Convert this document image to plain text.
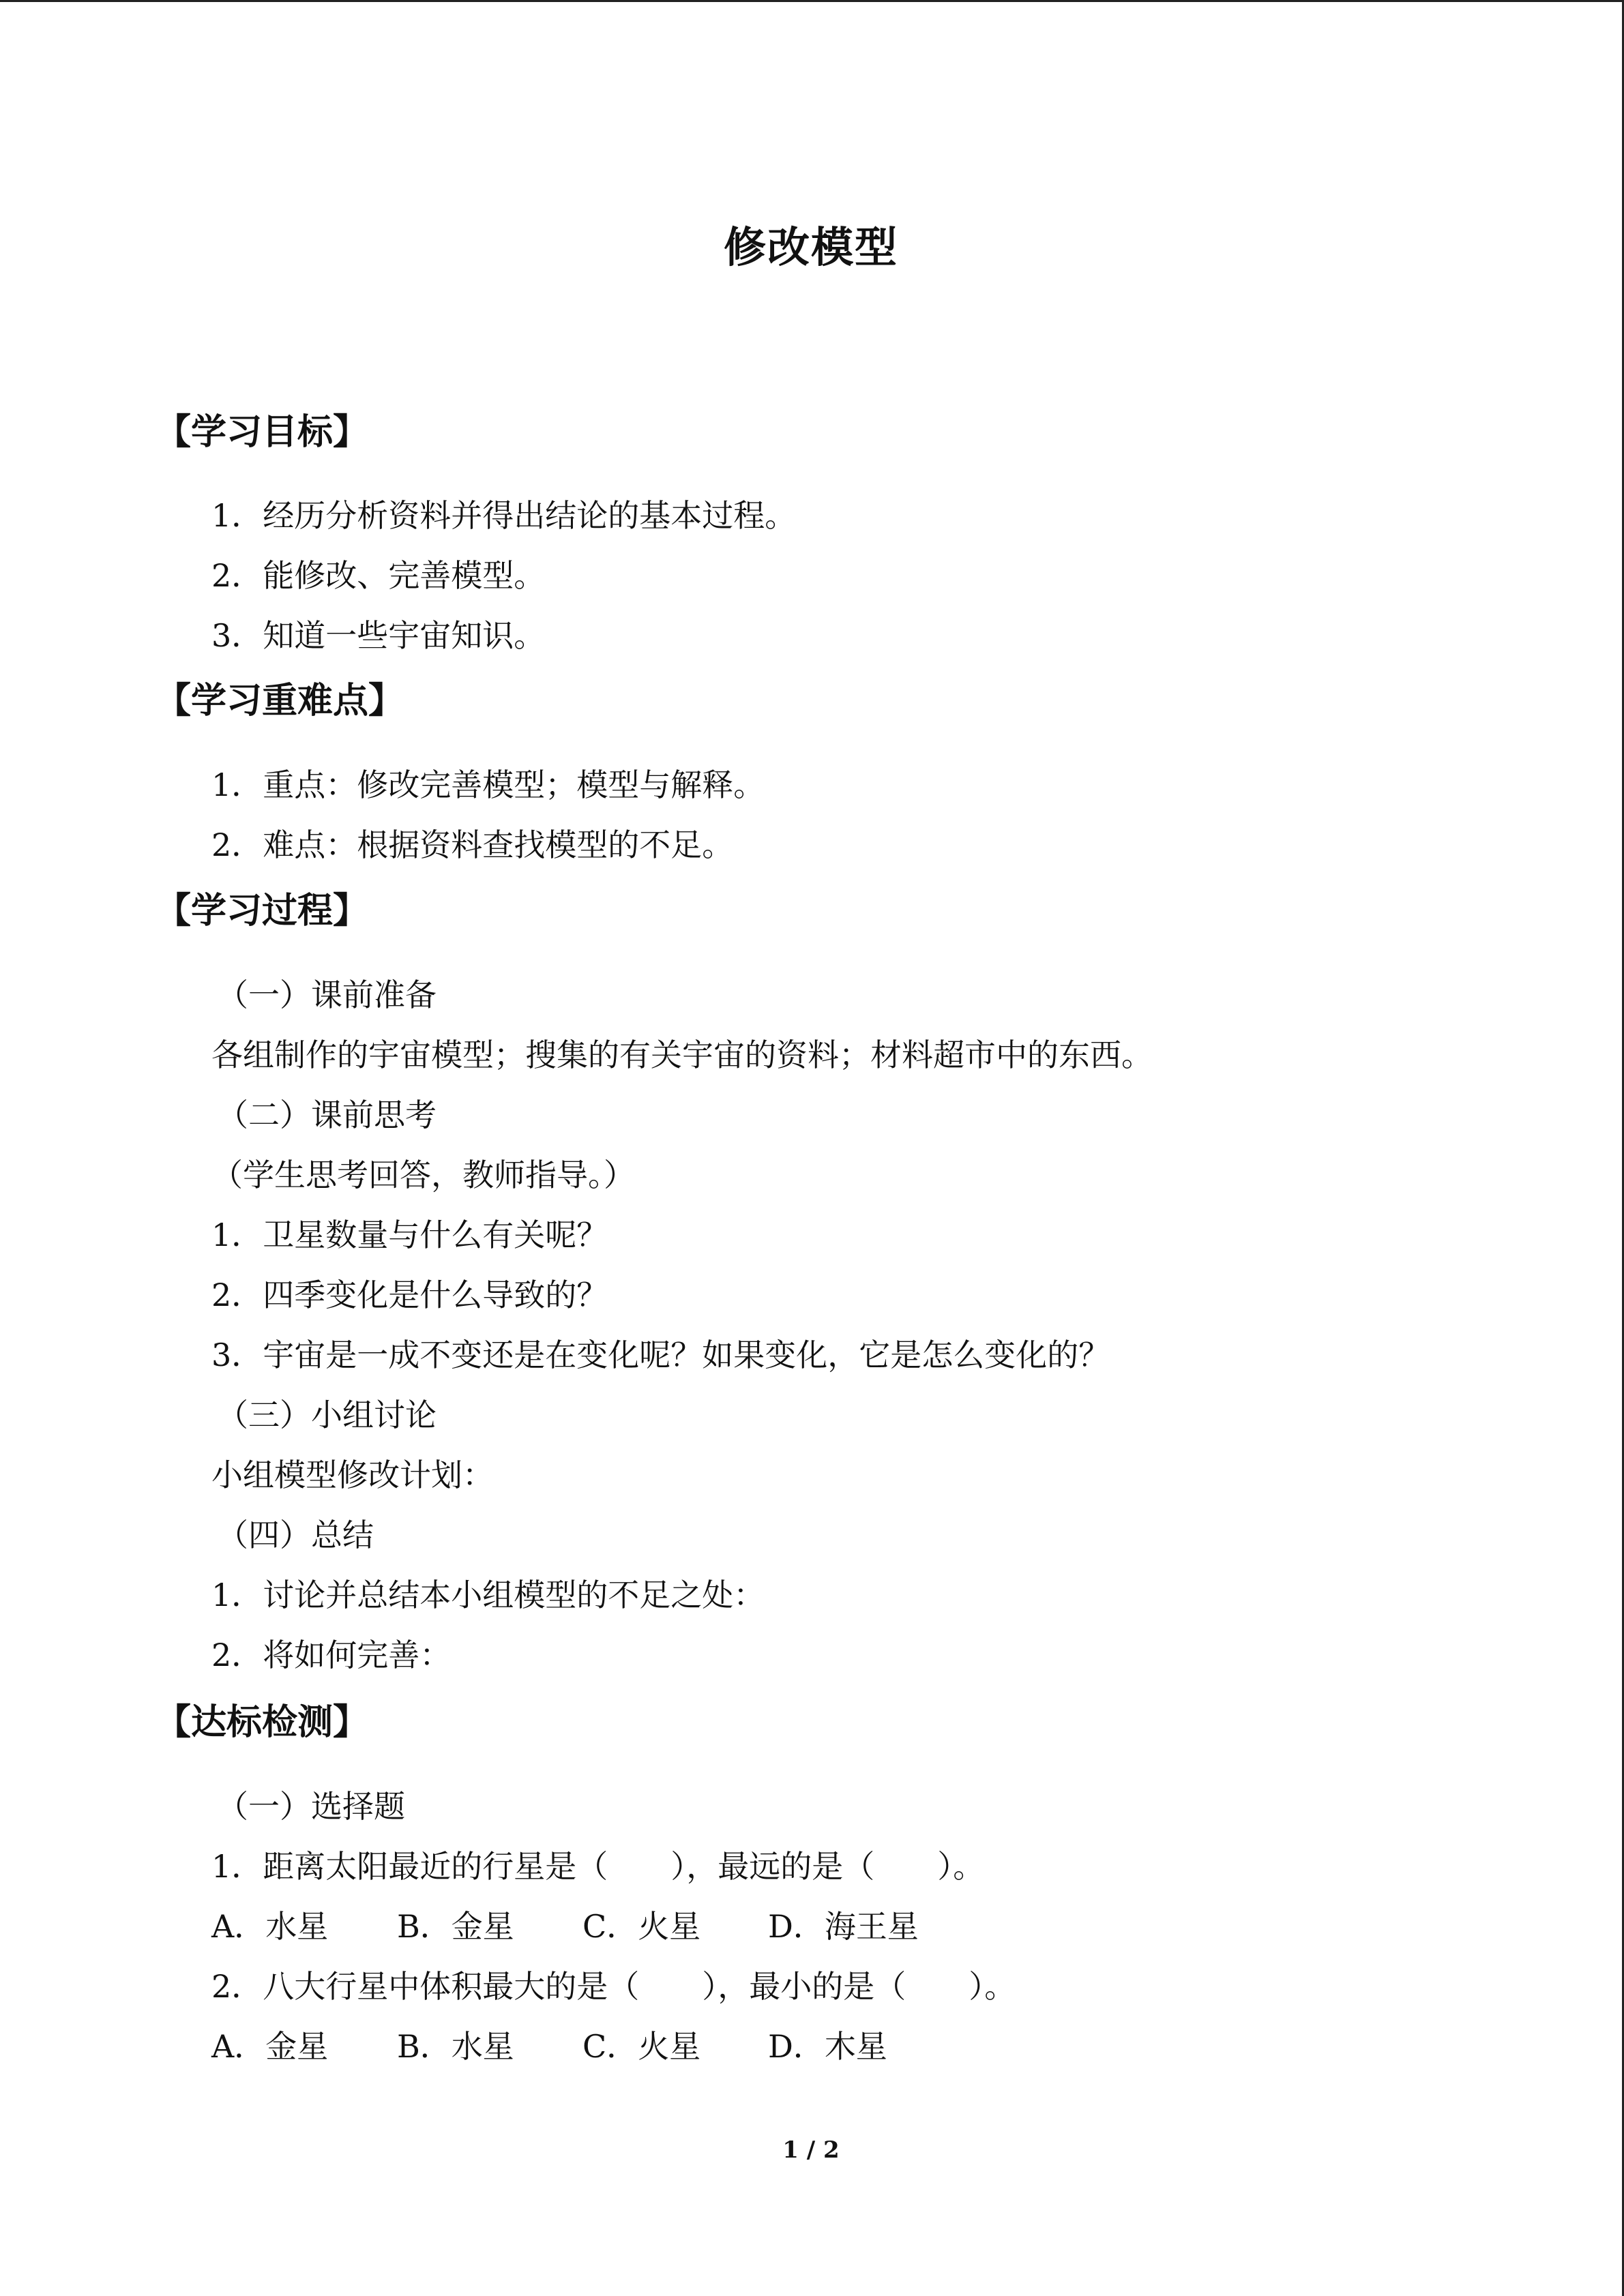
修改模型
【学习目标】
1．经历分析资料并得出结论的基本过程。
2．能修改、完善模型。
3．知道一些宇宙知识。
【学习重难点】
1．重点：修改完善模型；模型与解释。
2．难点：根据资料查找模型的不足。
【学习过程】
（一）课前准备
各组制作的宇宙模型；搜集的有关宇宙的资料；材料超市中的东西。
（二）课前思考
（学生思考回答，教师指导。）
1．卫星数量与什么有关呢？
2．四季变化是什么导致的？
3．宇宙是一成不变还是在变化呢？如果变化，它是怎么变化的？
（三）小组讨论
小组模型修改计划：
（四）总结
1．讨论并总结本小组模型的不足之处：
2．将如何完善：
【达标检测】
（一）选择题
1．距离太阳最近的行星是（　　），最远的是（　　）。
A．水星 B．金星 C．火星 D．海王星
2．八大行星中体积最大的是（　　），最小的是（　　）。
A．金星 B．水星 C．火星 D．木星
1 / 2
